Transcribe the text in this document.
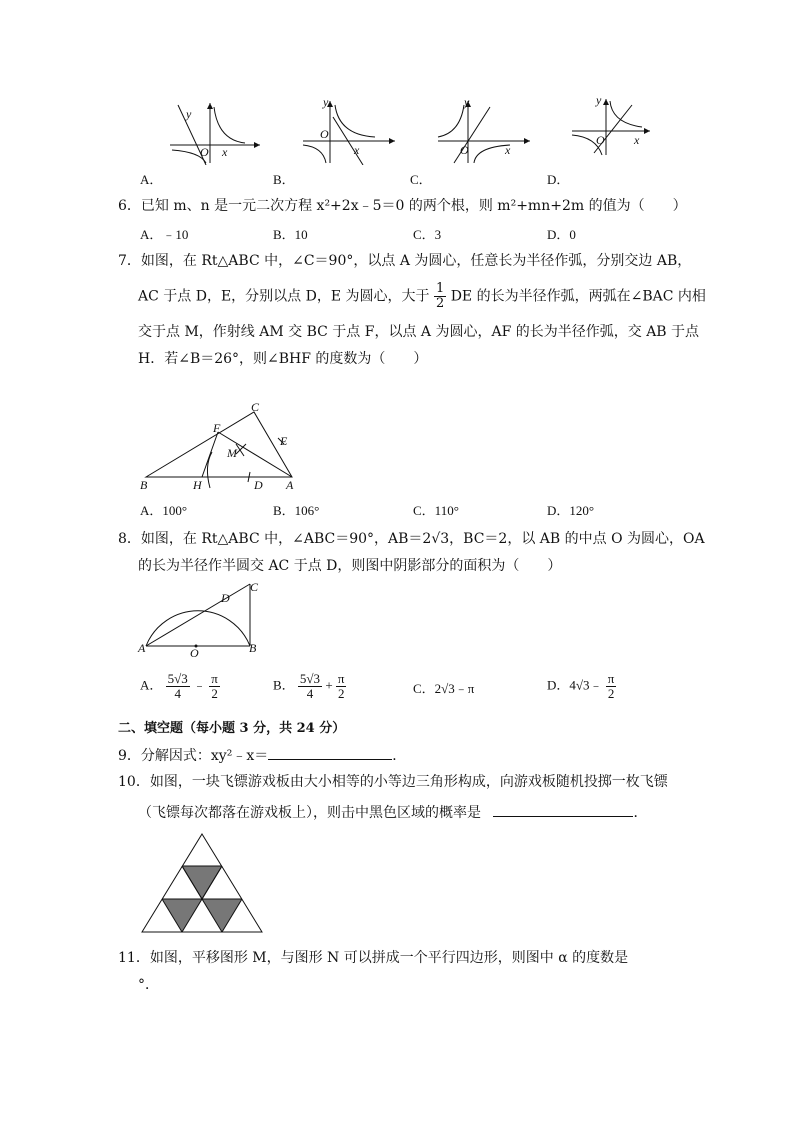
y
O x
A．
y
O
x
B．
y
O	x
C．
y
O x
D．
6．已知 m、n 是一元二次方程 x²+2x﹣5＝0 的两个根，则 m²+mn+2m 的值为（　　）
A．﹣10	B．10	C．3	D．0
7．如图，在 Rt△ABC 中，∠C＝90°，以点 A 为圆心，任意长为半径作弧，分别交边 AB，
AC 于点 D，E，分别以点 D，E 为圆心，大于 $\frac{1}{2}$ DE 的长为半径作弧，两弧在∠BAC 内相
交于点 M，作射线 AM 交 BC 于点 F，以点 A 为圆心，AF 的长为半径作弧，交 AB 于点
H．若∠B＝26°，则∠BHF 的度数为（　　）
C
F
E
M
B	H	D A
A．100°	B．106°	C．110°	D．120°
8．如图，在 Rt△ABC 中，∠ABC＝90°，AB＝2√3，BC＝2，以 AB 的中点 O 为圆心，OA
的长为半径作半圆交 AC 于点 D，则图中阴影部分的面积为（　　）
C
D
A	O	B
A． $\frac{5√3}{4}$ ﹣ $\frac{\pi}{2}$	B． $\frac{5√3}{4} + \frac{\pi}{2}$	C．2√3﹣π	D．4√3﹣ $\frac{\pi}{2}$
二、填空题（每小题 3 分，共 24 分）
9．分解因式：xy²﹣x＝	．
10．如图，一块飞镖游戏板由大小相等的小等边三角形构成，向游戏板随机投掷一枚飞镖
（飞镖每次都落在游戏板上），则击中黑色区域的概率是	．
11．如图，平移图形 M，与图形 N 可以拼成一个平行四边形，则图中 α 的度数是
°．
